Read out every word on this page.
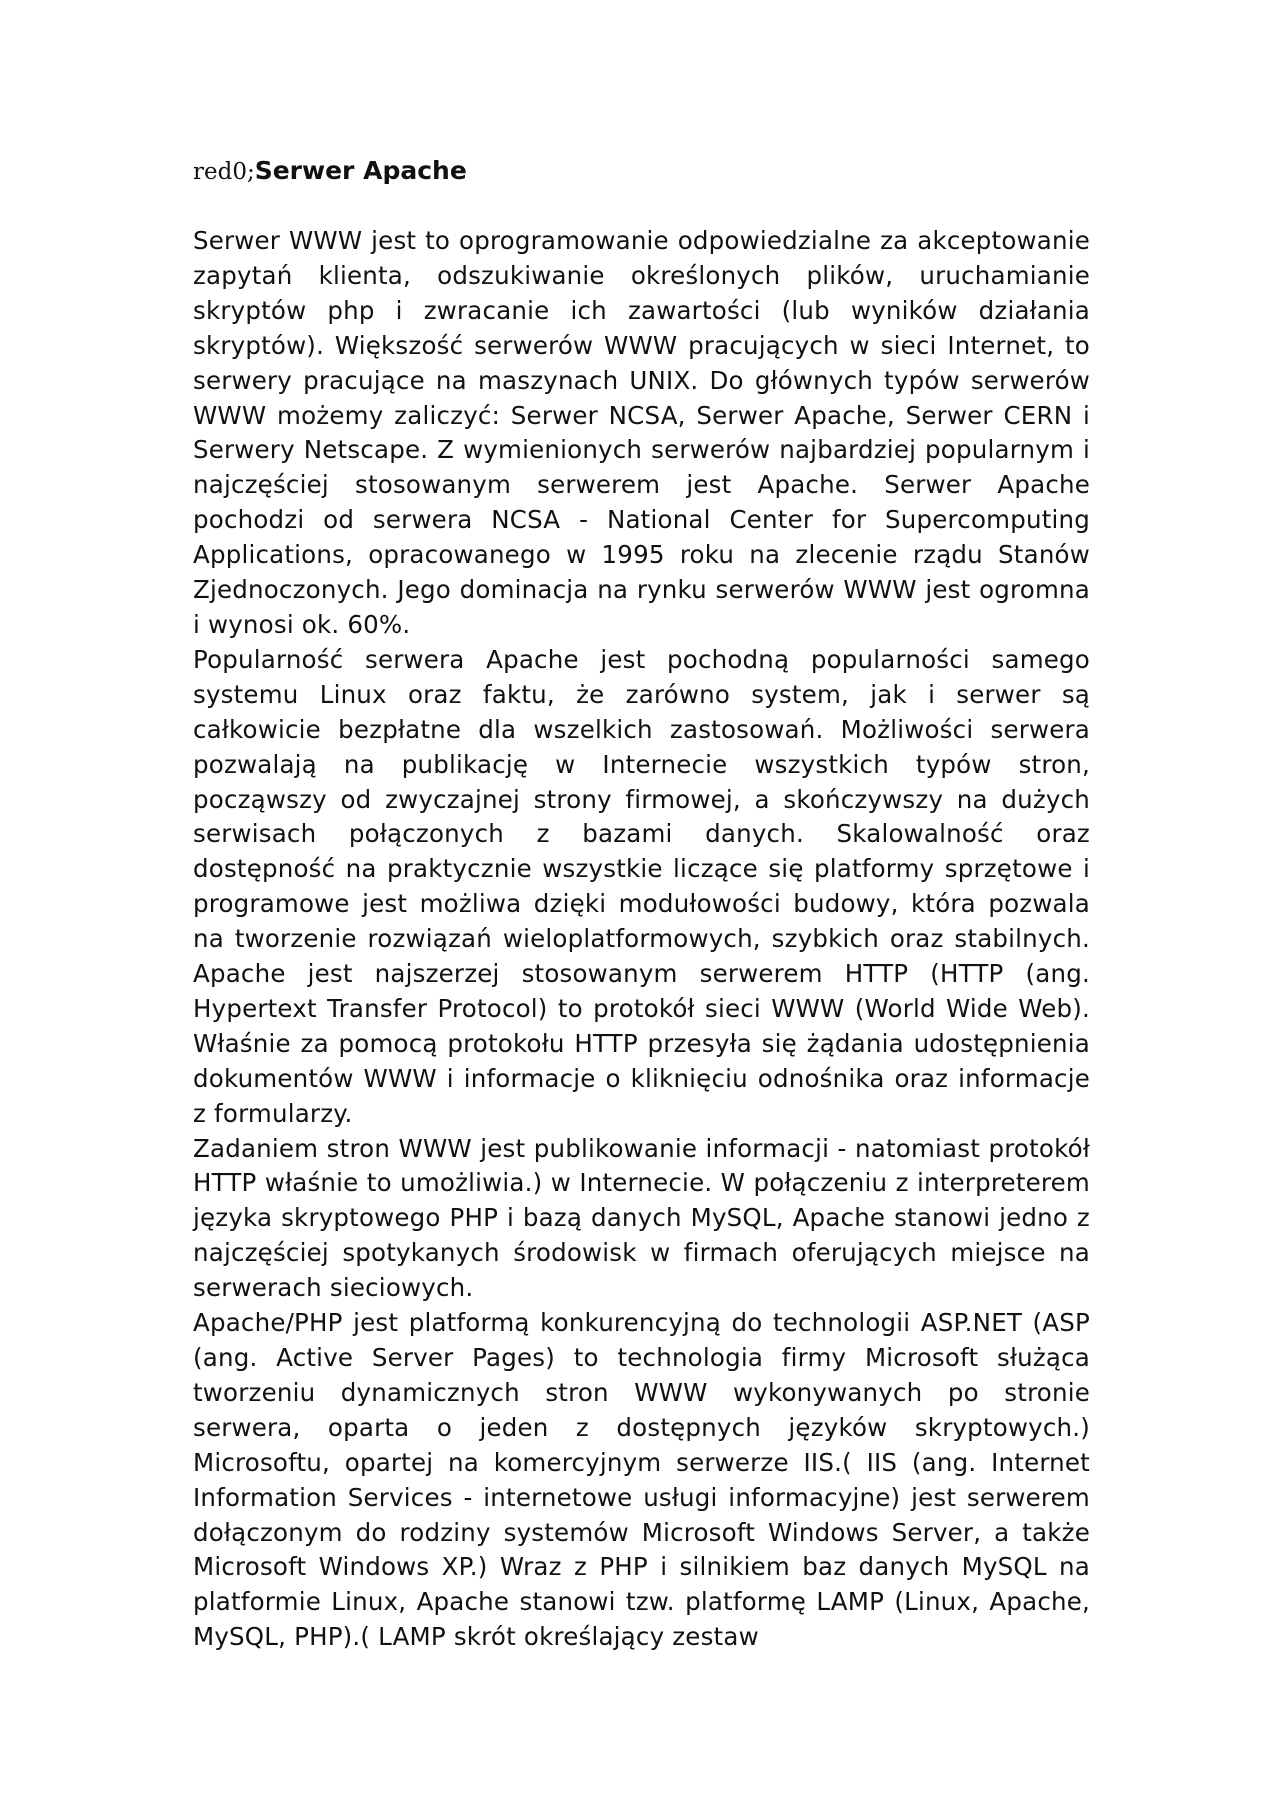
red0;Serwer Apache

Serwer WWW jest to oprogramowanie odpowiedzialne za akceptowanie zapytań klienta, odszukiwanie określonych plików, uruchamianie skryptów php i zwracanie ich zawartości (lub wyników działania skryptów). Większość serwerów WWW pracujących w sieci Internet, to serwery pracujące na maszynach UNIX. Do głównych typów serwerów WWW możemy zaliczyć: Serwer NCSA, Serwer Apache, Serwer CERN i Serwery Netscape. Z wymienionych serwerów najbardziej popularnym i najczęściej stosowanym serwerem jest Apache. Serwer Apache pochodzi od serwera NCSA - National Center for Supercomputing Applications, opracowanego w 1995 roku na zlecenie rządu Stanów Zjednoczonych. Jego dominacja na rynku serwerów WWW jest ogromna i wynosi ok. 60%.

Popularność serwera Apache jest pochodną popularności samego systemu Linux oraz faktu, że zarówno system, jak i serwer są całkowicie bezpłatne dla wszelkich zastosowań. Możliwości serwera pozwalają na publikację w Internecie wszystkich typów stron, począwszy od zwyczajnej strony firmowej, a skończywszy na dużych serwisach połączonych z bazami danych. Skalowalność oraz dostępność na praktycznie wszystkie liczące się platformy sprzętowe i programowe jest możliwa dzięki modułowości budowy, która pozwala na tworzenie rozwiązań wieloplatformowych, szybkich oraz stabilnych. Apache jest najszerzej stosowanym serwerem HTTP (HTTP (ang. Hypertext Transfer Protocol) to protokół sieci WWW (World Wide Web). Właśnie za pomocą protokołu HTTP przesyła się żądania udostępnienia dokumentów WWW i informacje o kliknięciu odnośnika oraz informacje z formularzy.

Zadaniem stron WWW jest publikowanie informacji - natomiast protokół HTTP właśnie to umożliwia.) w Internecie. W połączeniu z interpreterem języka skryptowego PHP i bazą danych MySQL, Apache stanowi jedno z najczęściej spotykanych środowisk w firmach oferujących miejsce na serwerach sieciowych.

Apache/PHP jest platformą konkurencyjną do technologii ASP.NET (ASP (ang. Active Server Pages) to technologia firmy Microsoft służąca tworzeniu dynamicznych stron WWW wykonywanych po stronie serwera, oparta o jeden z dostępnych języków skryptowych.) Microsoftu, opartej na komercyjnym serwerze IIS.( IIS (ang. Internet Information Services - internetowe usługi informacyjne) jest serwerem dołączonym do rodziny systemów Microsoft Windows Server, a także Microsoft Windows XP.) Wraz z PHP i silnikiem baz danych MySQL na platformie Linux, Apache stanowi tzw. platformę LAMP (Linux, Apache, MySQL, PHP).( LAMP skrót określający zestaw
